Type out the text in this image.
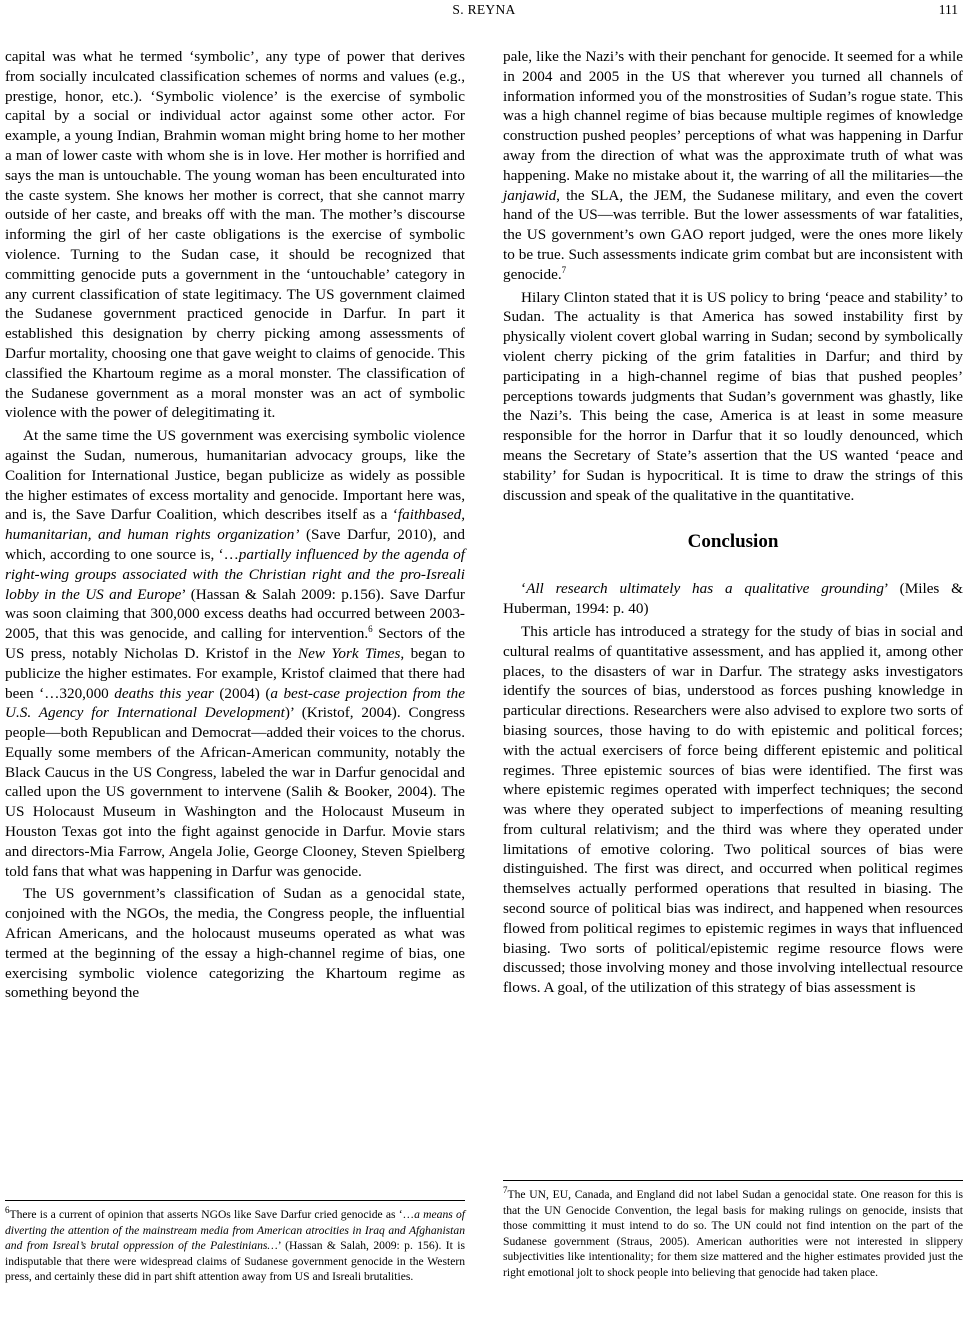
S. REYNA	111

capital was what he termed ‘symbolic’, any type of power that derives from socially inculcated classification schemes of norms and values (e.g., prestige, honor, etc.). ‘Symbolic violence’ is the exercise of symbolic capital by a social or individual actor against some other actor. For example, a young Indian, Brahmin woman might bring home to her mother a man of lower caste with whom she is in love. Her mother is horrified and says the man is untouchable. The young woman has been enculturated into the caste system. She knows her mother is correct, that she cannot marry outside of her caste, and breaks off with the man. The mother’s discourse informing the girl of her caste obligations is the exercise of symbolic violence. Turning to the Sudan case, it should be recognized that committing genocide puts a government in the ‘untouchable’ category in any current classification of state legitimacy. The US government claimed the Sudanese government practiced genocide in Darfur. In part it established this designation by cherry picking among assessments of Darfur mortality, choosing one that gave weight to claims of genocide. This classified the Khartoum regime as a moral monster. The classification of the Sudanese government as a moral monster was an act of symbolic violence with the power of delegitimating it.

At the same time the US government was exercising symbolic violence against the Sudan, numerous, humanitarian advocacy groups, like the Coalition for International Justice, began publicize as widely as possible the higher estimates of excess mortality and genocide. Important here was, and is, the Save Darfur Coalition, which describes itself as a ‘faithbased, humanitarian, and human rights organization’ (Save Darfur, 2010), and which, according to one source is, ‘…partially influenced by the agenda of right-wing groups associated with the Christian right and the pro-Isreali lobby in the US and Europe’ (Hassan & Salah 2009: p.156). Save Darfur was soon claiming that 300,000 excess deaths had occurred between 2003-2005, that this was genocide, and calling for intervention.$^6$ Sectors of the US press, notably Nicholas D. Kristof in the New York Times, began to publicize the higher estimates. For example, Kristof claimed that there had been ‘…320,000 deaths this year (2004) (a best-case projection from the U.S. Agency for International Development)’ (Kristof, 2004). Congress people—both Republican and Democrat—added their voices to the chorus. Equally some members of the African-American community, notably the Black Caucus in the US Congress, labeled the war in Darfur genocidal and called upon the US government to intervene (Salih & Booker, 2004). The US Holocaust Museum in Washington and the Holocaust Museum in Houston Texas got into the fight against genocide in Darfur. Movie stars and directors-Mia Farrow, Angela Jolie, George Clooney, Steven Spielberg told fans that what was happening in Darfur was genocide.

The US government’s classification of Sudan as a genocidal state, conjoined with the NGOs, the media, the Congress people, the influential African Americans, and the holocaust museums operated as what was termed at the beginning of the essay a high-channel regime of bias, one exercising symbolic violence categorizing the Khartoum regime as something beyond the

$^6$There is a current of opinion that asserts NGOs like Save Darfur cried genocide as ‘…a means of diverting the attention of the mainstream media from American atrocities in Iraq and Afghanistan and from Isreal’s brutal oppression of the Palestinians…’ (Hassan & Salah, 2009: p. 156). It is indisputable that there were widespread claims of Sudanese government genocide in the Western press, and certainly these did in part shift attention away from US and Isreali brutalities.

pale, like the Nazi’s with their penchant for genocide. It seemed for a while in 2004 and 2005 in the US that wherever you turned all channels of information informed you of the monstrosities of Sudan’s rogue state. This was a high channel regime of bias because multiple regimes of knowledge construction pushed peoples’ perceptions of what was happening in Darfur away from the direction of what was the approximate truth of what was happening. Make no mistake about it, the warring of all the militaries—the janjawid, the SLA, the JEM, the Sudanese military, and even the covert hand of the US—was terrible. But the lower assessments of war fatalities, the US government’s own GAO report judged, were the ones more likely to be true. Such assessments indicate grim combat but are inconsistent with genocide.$^7$

Hilary Clinton stated that it is US policy to bring ‘peace and stability’ to Sudan. The actuality is that America has sowed instability first by physically violent covert global warring in Sudan; second by symbolically violent cherry picking of the grim fatalities in Darfur; and third by participating in a high-channel regime of bias that pushed peoples’ perceptions towards judgments that Sudan’s government was ghastly, like the Nazi’s. This being the case, America is at least in some measure responsible for the horror in Darfur that it so loudly denounced, which means the Secretary of State’s assertion that the US wanted ‘peace and stability’ for Sudan is hypocritical. It is time to draw the strings of this discussion and speak of the qualitative in the quantitative.

Conclusion

‘All research ultimately has a qualitative grounding’ (Miles & Huberman, 1994: p. 40)

This article has introduced a strategy for the study of bias in social and cultural realms of quantitative assessment, and has applied it, among other places, to the disasters of war in Darfur. The strategy asks investigators identify the sources of bias, understood as forces pushing knowledge in particular directions. Researchers were also advised to explore two sorts of biasing sources, those having to do with epistemic and political forces; with the actual exercisers of force being different epistemic and political regimes. Three epistemic sources of bias were identified. The first was where epistemic regimes operated with imperfect techniques; the second was where they operated subject to imperfections of meaning resulting from cultural relativism; and the third was where they operated under limitations of emotive coloring. Two political sources of bias were distinguished. The first was direct, and occurred when political regimes themselves actually performed operations that resulted in biasing. The second source of political bias was indirect, and happened when resources flowed from political regimes to epistemic regimes in ways that influenced biasing. Two sorts of political/epistemic regime resource flows were discussed; those involving money and those involving intellectual resource flows. A goal, of the utilization of this strategy of bias assessment is

$^7$The UN, EU, Canada, and England did not label Sudan a genocidal state. One reason for this is that the UN Genocide Convention, the legal basis for making rulings on genocide, insists that those committing it must intend to do so. The UN could not find intention on the part of the Sudanese government (Straus, 2005). American authorities were not interested in slippery subjectivities like intentionality; for them size mattered and the higher estimates provided just the right emotional jolt to shock people into believing that genocide had taken place.
